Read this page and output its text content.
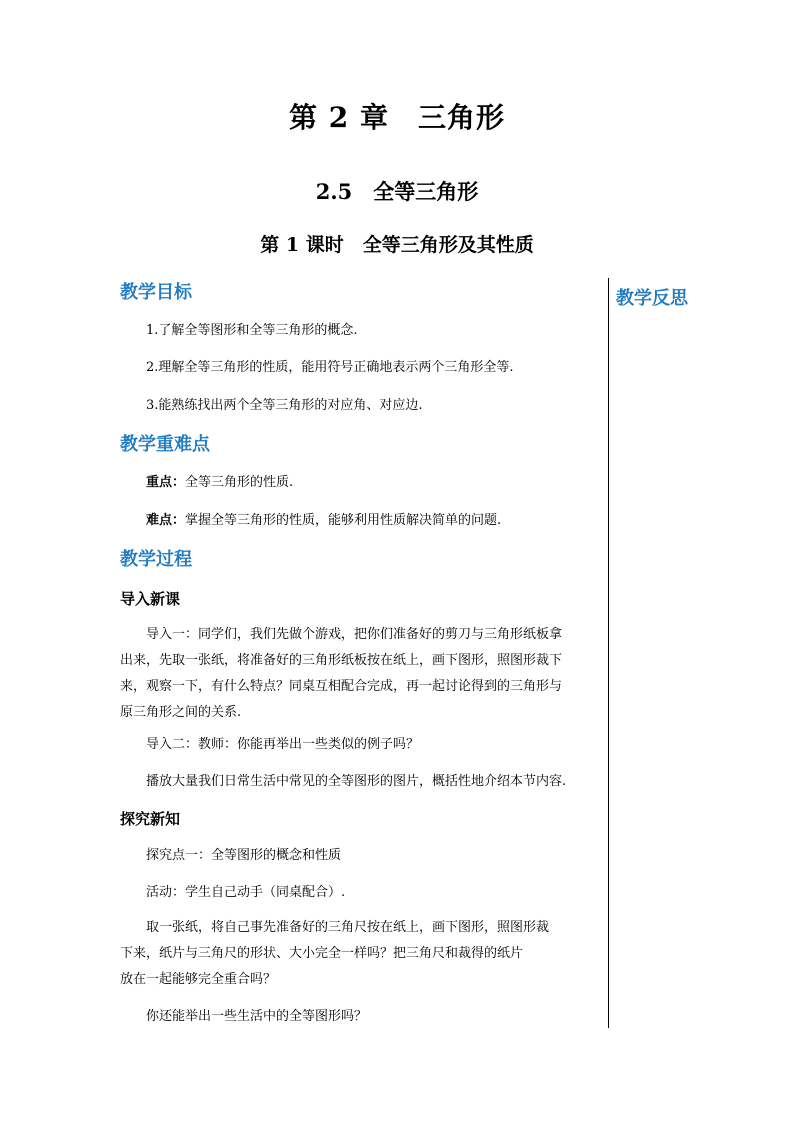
第 2 章　三角形
2.5　全等三角形
第 1 课时　全等三角形及其性质
教学反思
教学目标
1.了解全等图形和全等三角形的概念.
2.理解全等三角形的性质，能用符号正确地表示两个三角形全等.
3.能熟练找出两个全等三角形的对应角、对应边.
教学重难点
重点：全等三角形的性质.
难点：掌握全等三角形的性质，能够利用性质解决简单的问题.
教学过程
导入新课
导入一：同学们，我们先做个游戏，把你们准备好的剪刀与三角形纸板拿
出来，先取一张纸，将准备好的三角形纸板按在纸上，画下图形，照图形裁下
来，观察一下，有什么特点？同桌互相配合完成，再一起讨论得到的三角形与
原三角形之间的关系.
导入二：教师：你能再举出一些类似的例子吗？
播放大量我们日常生活中常见的全等图形的图片，概括性地介绍本节内容.
探究新知
探究点一：全等图形的概念和性质
活动：学生自己动手（同桌配合）.
取一张纸，将自己事先准备好的三角尺按在纸上，画下图形，照图形裁
下来，纸片与三角尺的形状、大小完全一样吗？把三角尺和裁得的纸片
放在一起能够完全重合吗？
你还能举出一些生活中的全等图形吗？
